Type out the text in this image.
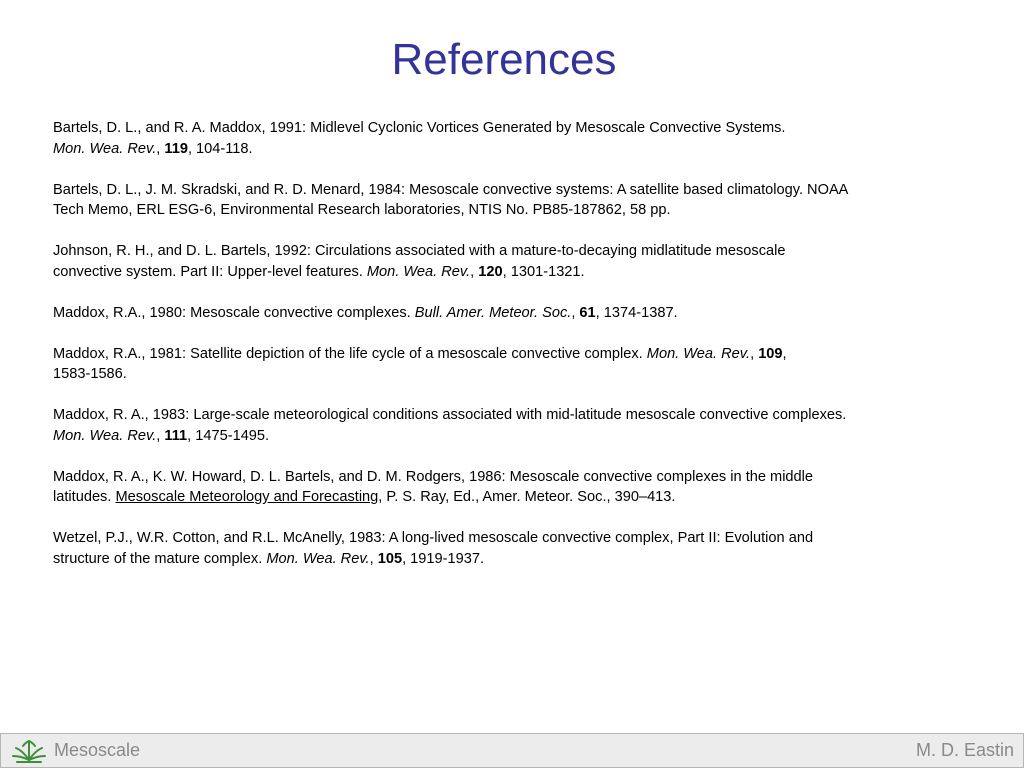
References

Bartels, D. L., and R. A. Maddox, 1991: Midlevel Cyclonic Vortices Generated by Mesoscale Convective Systems.
Mon. Wea. Rev., 119, 104-118.

Bartels, D. L., J. M. Skradski, and R. D. Menard, 1984: Mesoscale convective systems: A satellite based climatology. NOAA
Tech Memo, ERL ESG-6, Environmental Research laboratories, NTIS No. PB85-187862, 58 pp.

Johnson, R. H., and D. L. Bartels, 1992: Circulations associated with a mature-to-decaying midlatitude mesoscale
convective system. Part II: Upper-level features. Mon. Wea. Rev., 120, 1301-1321.

Maddox, R.A., 1980: Mesoscale convective complexes. Bull. Amer. Meteor. Soc., 61, 1374-1387.

Maddox, R.A., 1981: Satellite depiction of the life cycle of a mesoscale convective complex. Mon. Wea. Rev., 109,
1583-1586.

Maddox, R. A., 1983: Large-scale meteorological conditions associated with mid-latitude mesoscale convective complexes.
Mon. Wea. Rev., 111, 1475-1495.

Maddox, R. A., K. W. Howard, D. L. Bartels, and D. M. Rodgers, 1986: Mesoscale convective complexes in the middle
latitudes. Mesoscale Meteorology and Forecasting, P. S. Ray, Ed., Amer. Meteor. Soc., 390–413.

Wetzel, P.J., W.R. Cotton, and R.L. McAnelly, 1983: A long-lived mesoscale convective complex, Part II: Evolution and
structure of the mature complex. Mon. Wea. Rev., 105, 1919-1937.

Mesoscale	M. D. Eastin
